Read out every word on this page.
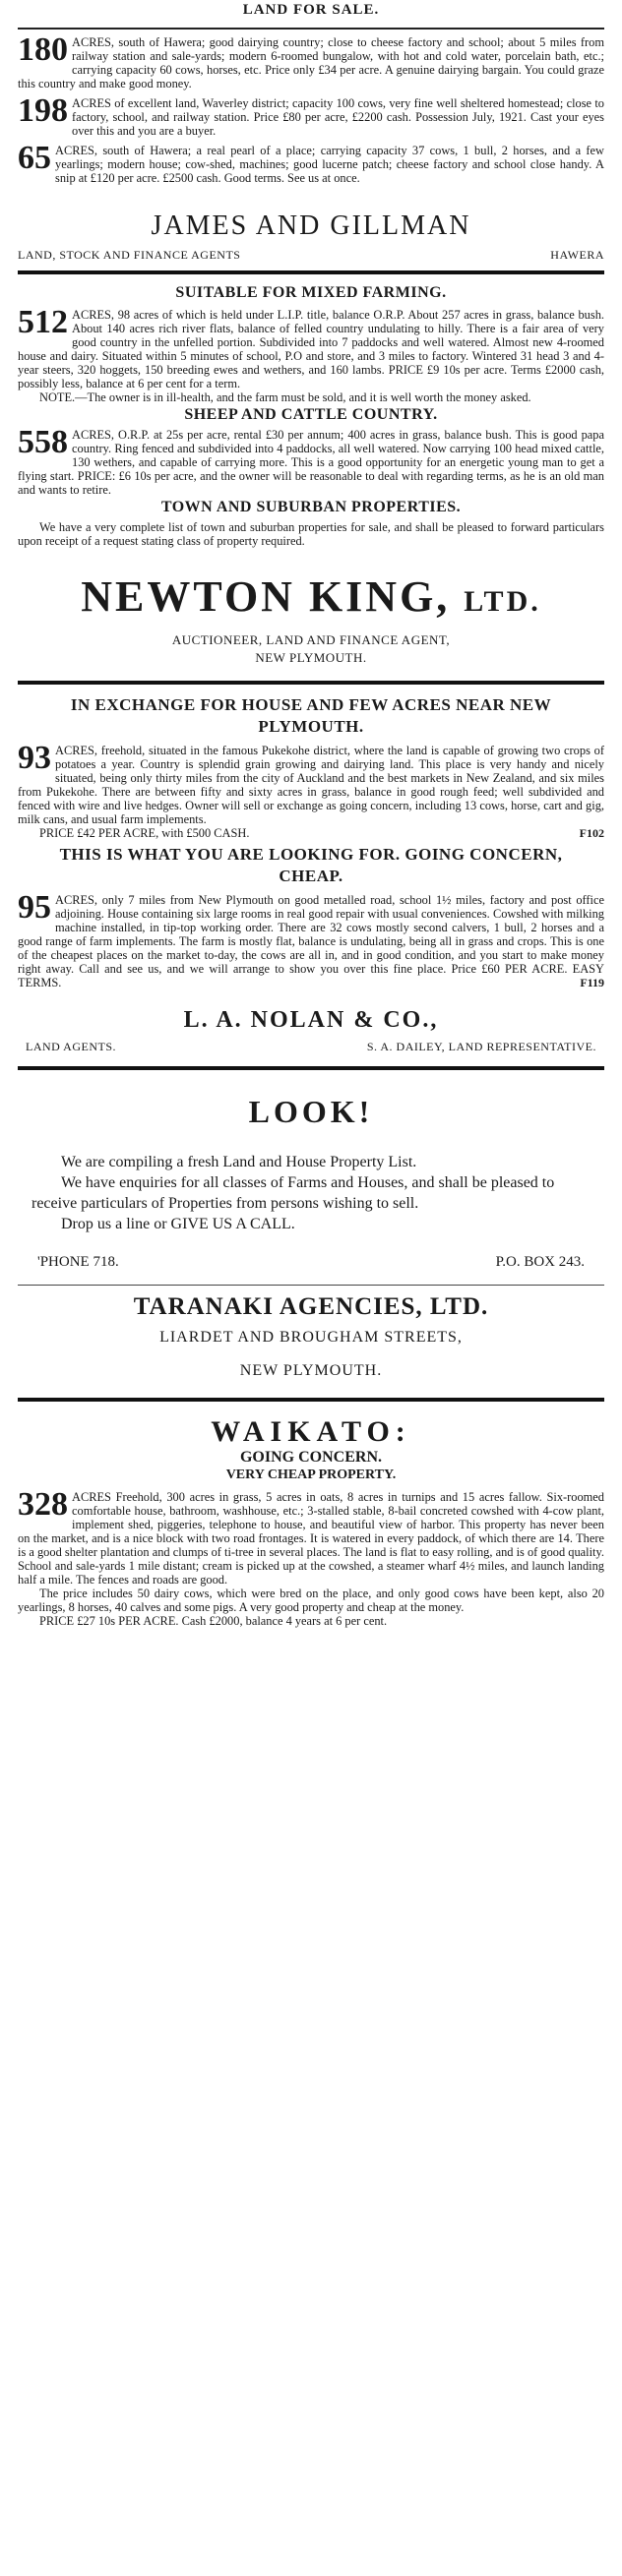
LAND FOR SALE.
180 ACRES, south of Hawera; good dairying country; close to cheese factory and school; about 5 miles from railway station and sale-yards; modern 6-roomed bungalow, with hot and cold water, porcelain bath, etc.; carrying capacity 60 cows, horses, etc. Price only £34 per acre. A genuine dairying bargain. You could graze this country and make good money.
198 ACRES of excellent land, Waverley district; capacity 100 cows, very fine well sheltered homestead; close to factory, school, and railway station. Price £80 per acre, £2200 cash. Possession July, 1921. Cast your eyes over this and you are a buyer.
65 ACRES, south of Hawera; a real pearl of a place; carrying capacity 37 cows, 1 bull, 2 horses, and a few yearlings; modern house; cow-shed, machines; good lucerne patch; cheese factory and school close handy. A snip at £120 per acre. £2500 cash. Good terms. See us at once.
JAMES AND GILLMAN
LAND, STOCK AND FINANCE AGENTS	HAWERA
SUITABLE FOR MIXED FARMING.
512 ACRES, 98 acres of which is held under L.I.P. title, balance O.R.P. About 257 acres in grass, balance bush. About 140 acres rich river flats, balance of felled country undulating to hilly. There is a fair area of very good country in the unfelled portion. Subdivided into 7 paddocks and well watered. Almost new 4-roomed house and dairy. Situated within 5 minutes of school, P.O and store, and 3 miles to factory. Wintered 31 head 3 and 4-year steers, 320 hoggets, 150 breeding ewes and wethers, and 160 lambs. PRICE £9 10s per acre. Terms £2000 cash, possibly less, balance at 6 per cent for a term.
NOTE.—The owner is in ill-health, and the farm must be sold, and it is well worth the money asked.
SHEEP AND CATTLE COUNTRY.
558 ACRES, O.R.P. at 25s per acre, rental £30 per annum; 400 acres in grass, balance bush. This is good papa country. Ring fenced and subdivided into 4 paddocks, all well watered. Now carrying 100 head mixed cattle, 130 wethers, and capable of carrying more. This is a good opportunity for an energetic young man to get a flying start. PRICE: £6 10s per acre, and the owner will be reasonable to deal with regarding terms, as he is an old man and wants to retire.
TOWN AND SUBURBAN PROPERTIES.
We have a very complete list of town and suburban properties for sale, and shall be pleased to forward particulars upon receipt of a request stating class of property required.
NEWTON KING, LTD.
AUCTIONEER, LAND AND FINANCE AGENT,
NEW PLYMOUTH.
IN EXCHANGE FOR HOUSE AND FEW ACRES NEAR NEW
PLYMOUTH.
93 ACRES, freehold, situated in the famous Pukekohe district, where the land is capable of growing two crops of potatoes a year. Country is splendid grain growing and dairying land. This place is very handy and nicely situated, being only thirty miles from the city of Auckland and the best markets in New Zealand, and six miles from Pukekohe. There are between fifty and sixty acres in grass, balance in good rough feed; well subdivided and fenced with wire and live hedges. Owner will sell or exchange as going concern, including 13 cows, horse, cart and gig, milk cans, and usual farm implements.
PRICE £42 PER ACRE, with £500 CASH.	F102
THIS IS WHAT YOU ARE LOOKING FOR. GOING CONCERN,
CHEAP.
95 ACRES, only 7 miles from New Plymouth on good metalled road, school 1½ miles, factory and post office adjoining. House containing six large rooms in real good repair with usual conveniences. Cowshed with milking machine installed, in tip-top working order. There are 32 cows mostly second calvers, 1 bull, 2 horses and a good range of farm implements. The farm is mostly flat, balance is undulating, being all in grass and crops. This is one of the cheapest places on the market to-day, the cows are all in, and in good condition, and you start to make money right away. Call and see us, and we will arrange to show you over this fine place. Price £60 PER ACRE. EASY TERMS.	F119
L. A. NOLAN & CO.,
LAND AGENTS.	S. A. DAILEY, LAND REPRESENTATIVE.
LOOK!

We are compiling a fresh Land and House Property List.

We have enquiries for all classes of Farms and Houses, and shall be pleased to receive particulars of Properties from persons wishing to sell.

Drop us a line or GIVE US A CALL.

'PHONE 718.	P.O. BOX 243.
TARANAKI AGENCIES, LTD.
LIARDET AND BROUGHAM STREETS,
NEW PLYMOUTH.
WAIKATO:
GOING CONCERN.
VERY CHEAP PROPERTY.
328 ACRES Freehold, 300 acres in grass, 5 acres in oats, 8 acres in turnips and 15 acres fallow. Six-roomed comfortable house, bathroom, washhouse, etc.; 3-stalled stable, 8-bail concreted cowshed with 4-cow plant, implement shed, piggeries, telephone to house, and beautiful view of harbor. This property has never been on the market, and is a nice block with two road frontages. It is watered in every paddock, of which there are 14. There is a good shelter plantation and clumps of ti-tree in several places. The land is flat to easy rolling, and is of good quality. School and sale-yards 1 mile distant; cream is picked up at the cowshed, a steamer wharf 4½ miles, and launch landing half a mile. The fences and roads are good.
The price includes 50 dairy cows, which were bred on the place, and only good cows have been kept, also 20 yearlings, 8 horses, 40 calves and some pigs. A very good property and cheap at the money.
PRICE £27 10s PER ACRE. Cash £2000, balance 4 years at 6 per cent.
